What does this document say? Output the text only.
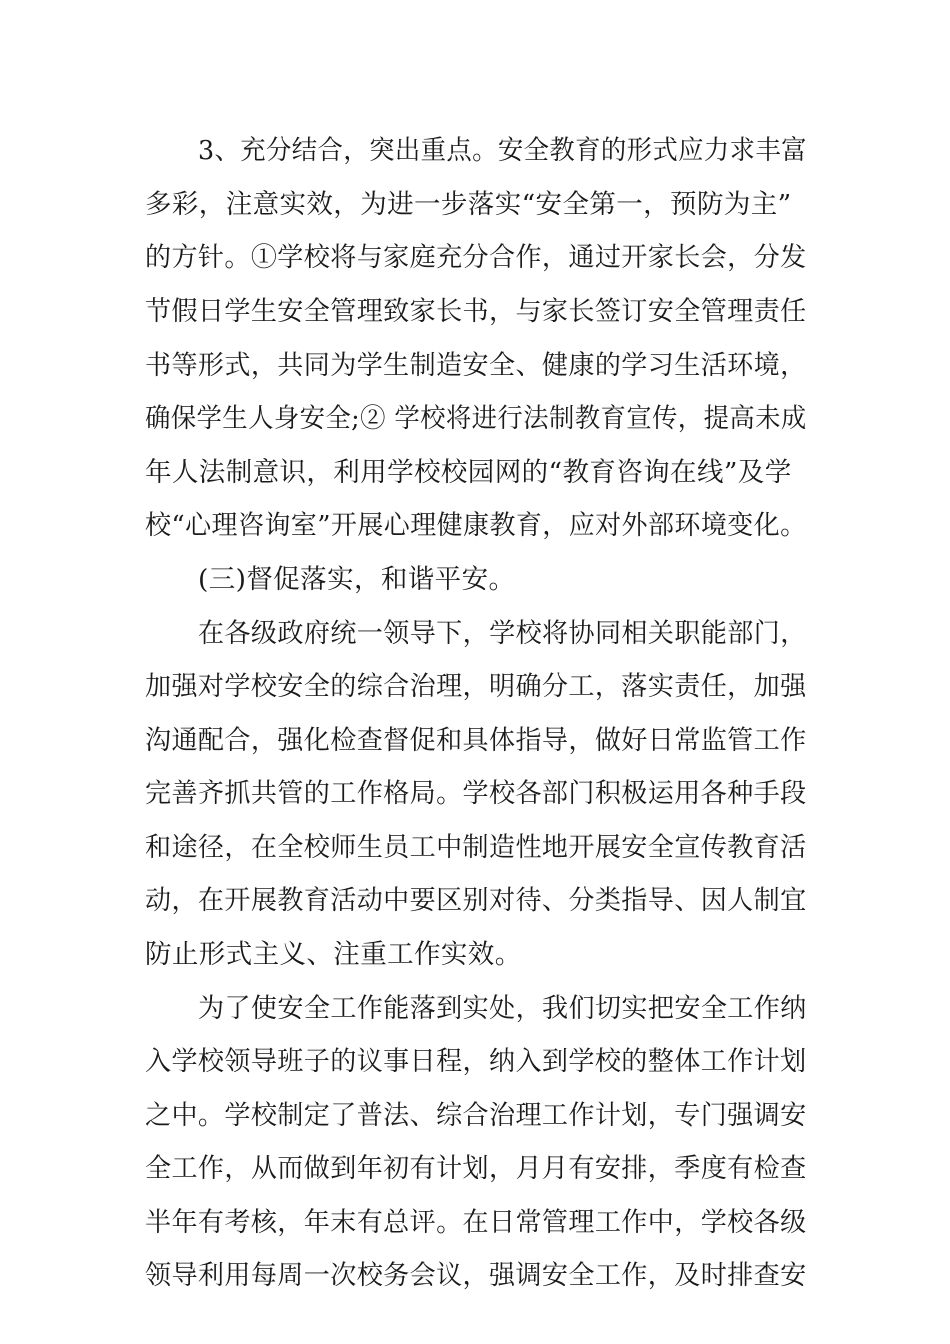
3、充分结合，突出重点。安全教育的形式应力求丰富
多彩，注意实效，为进一步落实“安全第一，预防为主”
的方针。①学校将与家庭充分合作，通过开家长会，分发
节假日学生安全管理致家长书，与家长签订安全管理责任
书等形式，共同为学生制造安全、健康的学习生活环境，
确保学生人身安全;② 学校将进行法制教育宣传，提高未成
年人法制意识，利用学校校园网的“教育咨询在线”及学
校“心理咨询室”开展心理健康教育，应对外部环境变化。
(三)督促落实，和谐平安。
在各级政府统一领导下，学校将协同相关职能部门，
加强对学校安全的综合治理，明确分工，落实责任，加强
沟通配合，强化检查督促和具体指导，做好日常监管工作
完善齐抓共管的工作格局。学校各部门积极运用各种手段
和途径，在全校师生员工中制造性地开展安全宣传教育活
动，在开展教育活动中要区别对待、分类指导、因人制宜
防止形式主义、注重工作实效。
为了使安全工作能落到实处，我们切实把安全工作纳
入学校领导班子的议事日程，纳入到学校的整体工作计划
之中。学校制定了普法、综合治理工作计划，专门强调安
全工作，从而做到年初有计划，月月有安排，季度有检查
半年有考核，年末有总评。在日常管理工作中，学校各级
领导利用每周一次校务会议，强调安全工作，及时排查安
